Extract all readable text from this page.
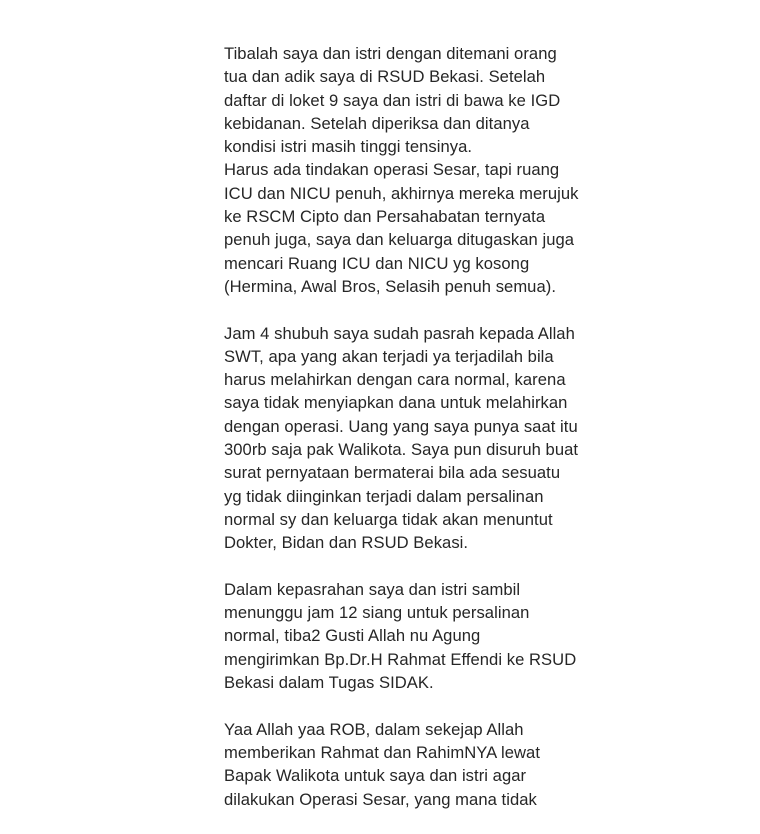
Tibalah saya dan istri dengan ditemani orang
tua dan adik saya di RSUD Bekasi. Setelah
daftar di loket 9 saya dan istri di bawa ke IGD
kebidanan. Setelah diperiksa dan ditanya
kondisi istri masih tinggi tensinya.
Harus ada tindakan operasi Sesar, tapi ruang
ICU dan NICU penuh, akhirnya mereka merujuk
ke RSCM Cipto dan Persahabatan ternyata
penuh juga, saya dan keluarga ditugaskan juga
mencari Ruang ICU dan NICU yg kosong
(Hermina, Awal Bros, Selasih penuh semua).

Jam 4 shubuh saya sudah pasrah kepada Allah
SWT, apa yang akan terjadi ya terjadilah bila
harus melahirkan dengan cara normal, karena
saya tidak menyiapkan dana untuk melahirkan
dengan operasi. Uang yang saya punya saat itu
300rb saja pak Walikota. Saya pun disuruh buat
surat pernyataan bermaterai bila ada sesuatu
yg tidak diinginkan terjadi dalam persalinan
normal sy dan keluarga tidak akan menuntut
Dokter, Bidan dan RSUD Bekasi.

Dalam kepasrahan saya dan istri sambil
menunggu jam 12 siang untuk persalinan
normal, tiba2 Gusti Allah nu Agung
mengirimkan Bp.Dr.H Rahmat Effendi ke RSUD
Bekasi dalam Tugas SIDAK.

Yaa Allah yaa ROB, dalam sekejap Allah
memberikan Rahmat dan RahimNYA lewat
Bapak Walikota untuk saya dan istri agar
dilakukan Operasi Sesar, yang mana tidak
